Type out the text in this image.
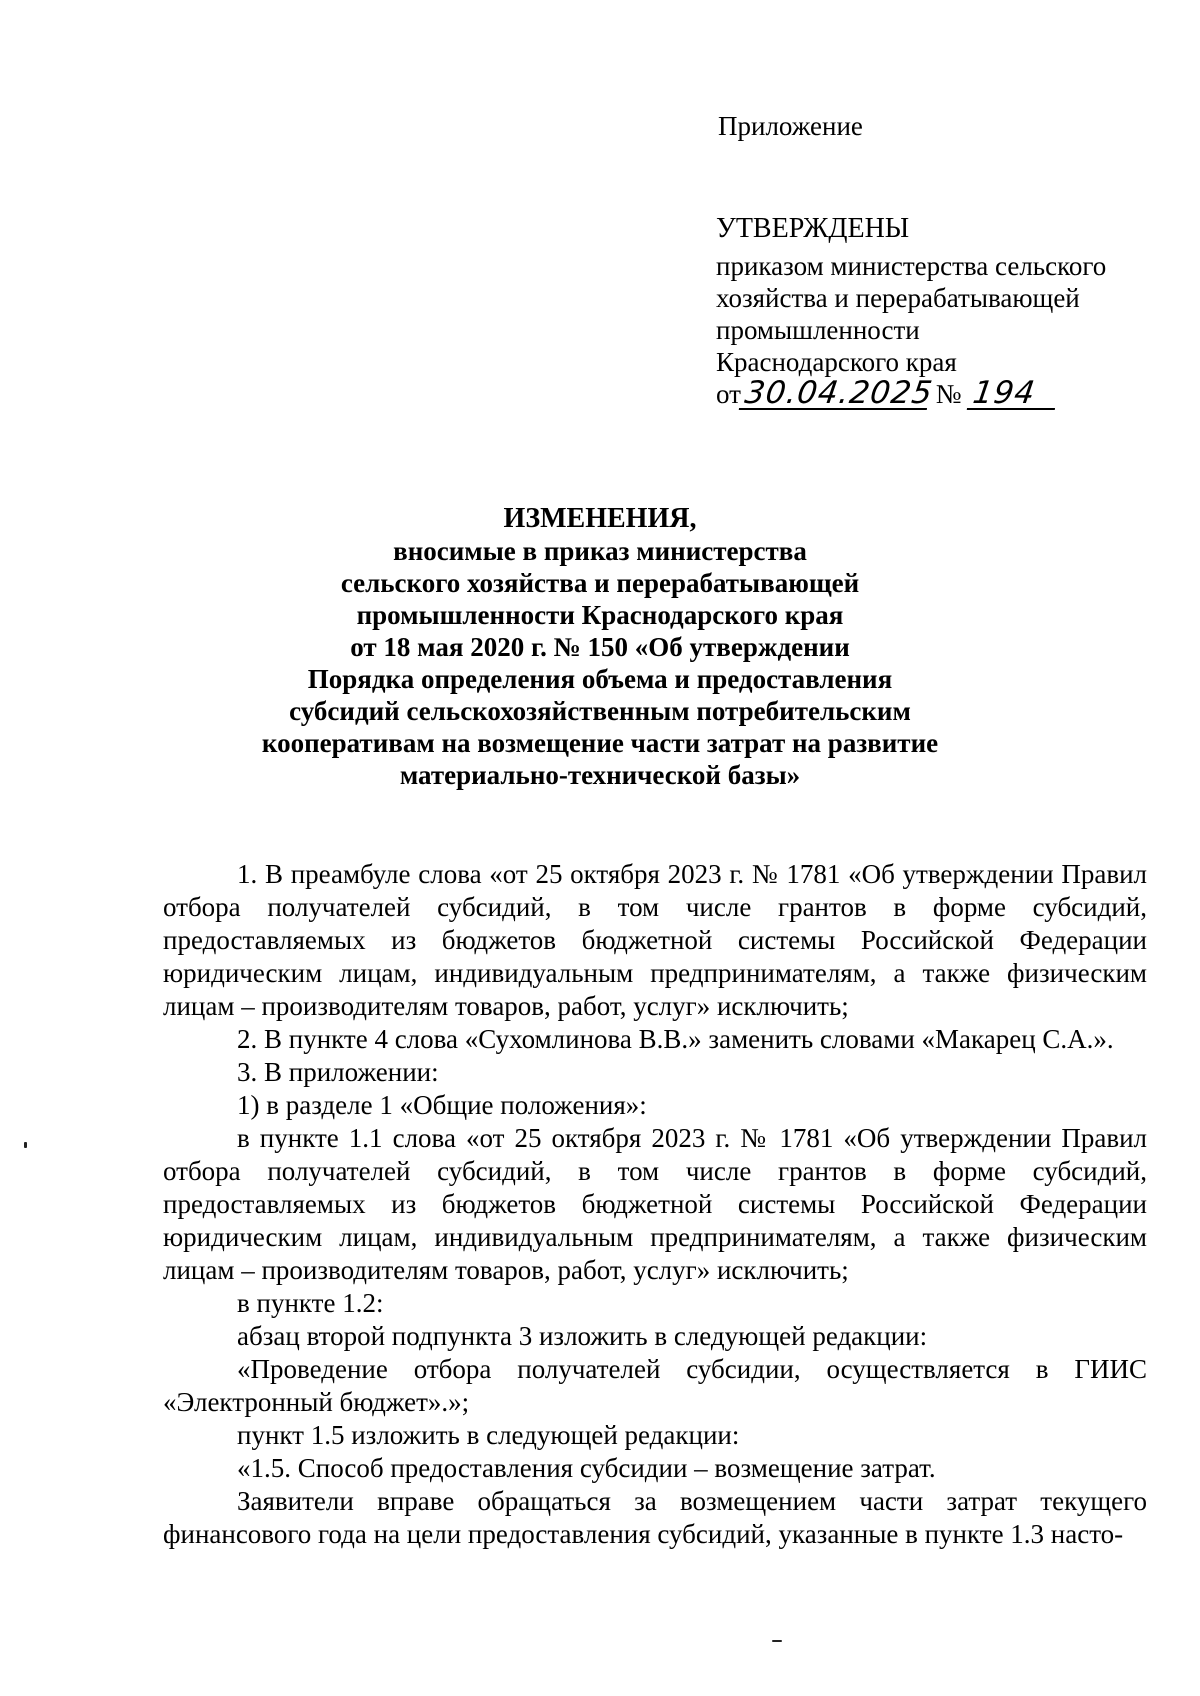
Приложение
УТВЕРЖДЕНЫ
приказом министерства сельского
хозяйства и перерабатывающей
промышленности
Краснодарского края
от30.04.2025 № 194
ИЗМЕНЕНИЯ,
вносимые в приказ министерства
сельского хозяйства и перерабатывающей
промышленности Краснодарского края
от 18 мая 2020 г. № 150 «Об утверждении
Порядка определения объема и предоставления
субсидий сельскохозяйственным потребительским
кооперативам на возмещение части затрат на развитие
материально-технической базы»

1. В преамбуле слова «от 25 октября 2023 г. № 1781 «Об утверждении Правил отбора получателей субсидий, в том числе грантов в форме субсидий, предоставляемых из бюджетов бюджетной системы Российской Федерации юридическим лицам, индивидуальным предпринимателям, а также физическим лицам – производителям товаров, работ, услуг» исключить;

2. В пункте 4 слова «Сухомлинова В.В.» заменить словами «Макарец С.А.».

3. В приложении:

1) в разделе 1 «Общие положения»:

в пункте 1.1 слова «от 25 октября 2023 г. № 1781 «Об утверждении Правил отбора получателей субсидий, в том числе грантов в форме субсидий, предоставляемых из бюджетов бюджетной системы Российской Федерации юридическим лицам, индивидуальным предпринимателям, а также физическим лицам – производителям товаров, работ, услуг» исключить;

в пункте 1.2:

абзац второй подпункта 3 изложить в следующей редакции:

«Проведение отбора получателей субсидии, осуществляется в ГИИС «Электронный бюджет».»;

пункт 1.5 изложить в следующей редакции:

«1.5. Способ предоставления субсидии – возмещение затрат.

Заявители вправе обращаться за возмещением части затрат текущего финансового года на цели предоставления субсидий, указанные в пункте 1.3 насто-
